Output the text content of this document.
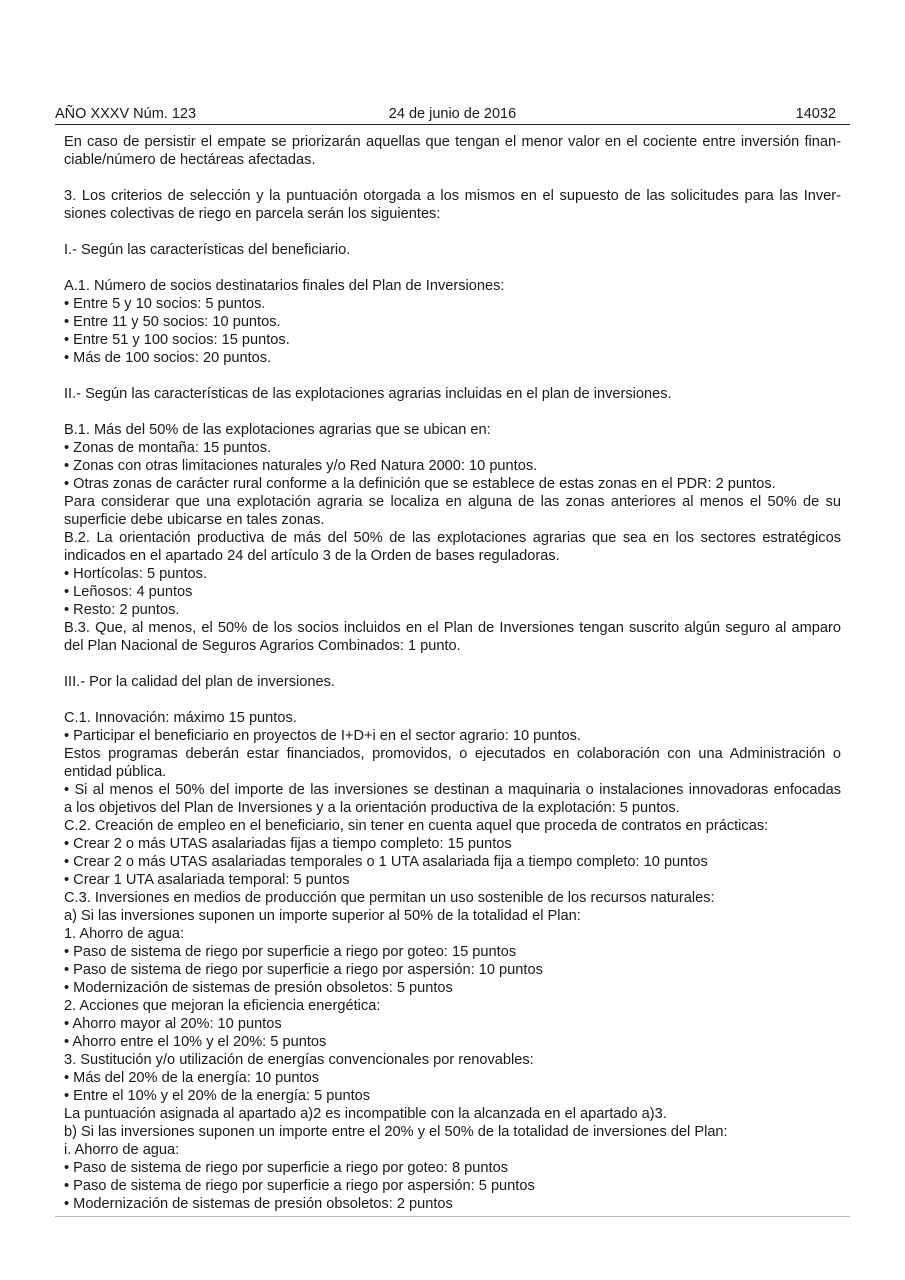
AÑO XXXV Núm. 123	24 de junio de 2016	14032
En caso de persistir el empate se priorizarán aquellas que tengan el menor valor en el cociente entre inversión finan-
ciable/número de hectáreas afectadas.
3. Los criterios de selección y la puntuación otorgada a los mismos en el supuesto de las solicitudes para las Inver-
siones colectivas de riego en parcela serán los siguientes:
I.- Según las características del beneficiario.
A.1. Número de socios destinatarios finales del Plan de Inversiones:
• Entre 5 y 10 socios: 5 puntos.
• Entre 11 y 50 socios: 10 puntos.
• Entre 51 y 100 socios: 15 puntos.
• Más de 100 socios: 20 puntos.
II.- Según las características de las explotaciones agrarias incluidas en el plan de inversiones.
B.1. Más del 50% de las explotaciones agrarias que se ubican en:
• Zonas de montaña: 15 puntos.
• Zonas con otras limitaciones naturales y/o Red Natura 2000: 10 puntos.
• Otras zonas de carácter rural conforme a la definición que se establece de estas zonas en el PDR: 2 puntos.
Para considerar que una explotación agraria se localiza en alguna de las zonas anteriores al menos el 50% de su
superficie debe ubicarse en tales zonas.
B.2. La orientación productiva de más del 50% de las explotaciones agrarias que sea en los sectores estratégicos
indicados en el apartado 24 del artículo 3 de la Orden de bases reguladoras.
• Hortícolas: 5 puntos.
• Leñosos: 4 puntos
• Resto: 2 puntos.
B.3. Que, al menos, el 50% de los socios incluidos en el Plan de Inversiones tengan suscrito algún seguro al amparo
del Plan Nacional de Seguros Agrarios Combinados: 1 punto.
III.- Por la calidad del plan de inversiones.
C.1. Innovación: máximo 15 puntos.
• Participar el beneficiario en proyectos de I+D+i en el sector agrario: 10 puntos.
Estos programas deberán estar financiados, promovidos, o ejecutados en colaboración con una Administración o
entidad pública.
• Si al menos el 50% del importe de las inversiones se destinan a maquinaria o instalaciones innovadoras enfocadas
a los objetivos del Plan de Inversiones y a la orientación productiva de la explotación: 5 puntos.
C.2. Creación de empleo en el beneficiario, sin tener en cuenta aquel que proceda de contratos en prácticas:
• Crear 2 o más UTAS asalariadas fijas a tiempo completo: 15 puntos
• Crear 2 o más UTAS asalariadas temporales o 1 UTA asalariada fija a tiempo completo: 10 puntos
• Crear 1 UTA asalariada temporal: 5 puntos
C.3. Inversiones en medios de producción que permitan un uso sostenible de los recursos naturales:
a) Si las inversiones suponen un importe superior al 50% de la totalidad el Plan:
1. Ahorro de agua:
• Paso de sistema de riego por superficie a riego por goteo: 15 puntos
• Paso de sistema de riego por superficie a riego por aspersión: 10 puntos
• Modernización de sistemas de presión obsoletos: 5 puntos
2. Acciones que mejoran la eficiencia energética:
• Ahorro mayor al 20%: 10 puntos
• Ahorro entre el 10% y el 20%: 5 puntos
3. Sustitución y/o utilización de energías convencionales por renovables:
• Más del 20% de la energía: 10 puntos
• Entre el 10% y el 20% de la energía: 5 puntos
La puntuación asignada al apartado a)2 es incompatible con la alcanzada en el apartado a)3.
b) Si las inversiones suponen un importe entre el 20% y el 50% de la totalidad de inversiones del Plan:
i. Ahorro de agua:
• Paso de sistema de riego por superficie a riego por goteo: 8 puntos
• Paso de sistema de riego por superficie a riego por aspersión: 5 puntos
• Modernización de sistemas de presión obsoletos: 2 puntos
